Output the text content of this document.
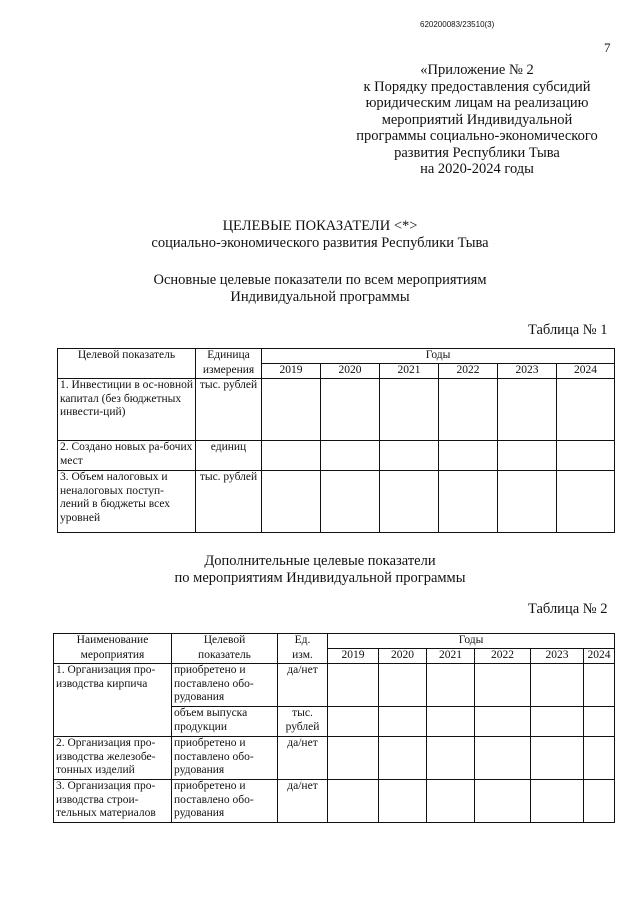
620200083/23510(3)
7
«Приложение № 2
к Порядку предоставления субсидий
юридическим лицам на реализацию
мероприятий Индивидуальной
программы социально-экономического
развития Республики Тыва
на 2020-2024 годы
ЦЕЛЕВЫЕ ПОКАЗАТЕЛИ <*>
социально-экономического развития Республики Тыва
Основные целевые показатели по всем мероприятиям
Индивидуальной программы
Таблица № 1
Целевой показатель	Единица	Годы					
	измерения	2019	2020	2021	2022	2023	2024
1. Инвестиции в ос-новной капитал (без бюджетных инвести-ций)	тыс. рублей						
2. Создано новых ра-бочих мест	единиц						
3. Объем налоговых и неналоговых поступ-лений в бюджеты всех уровней	тыс. рублей						
Дополнительные целевые показатели
по мероприятиям Индивидуальной программы
Таблица № 2
Наименование	Целевой	Ед.	Годы					
мероприятия	показатель	изм.	2019	2020	2021	2022	2023	2024
1. Организация про-изводства кирпича	приобретено и поставлено обо-рудования	да/нет						
	объем выпуска продукции	тыс. рублей						
2. Организация про-изводства железобе-тонных изделий	приобретено и поставлено обо-рудования	да/нет						
3. Организация про-изводства строи-тельных материалов	приобретено и поставлено обо-рудования	да/нет						
